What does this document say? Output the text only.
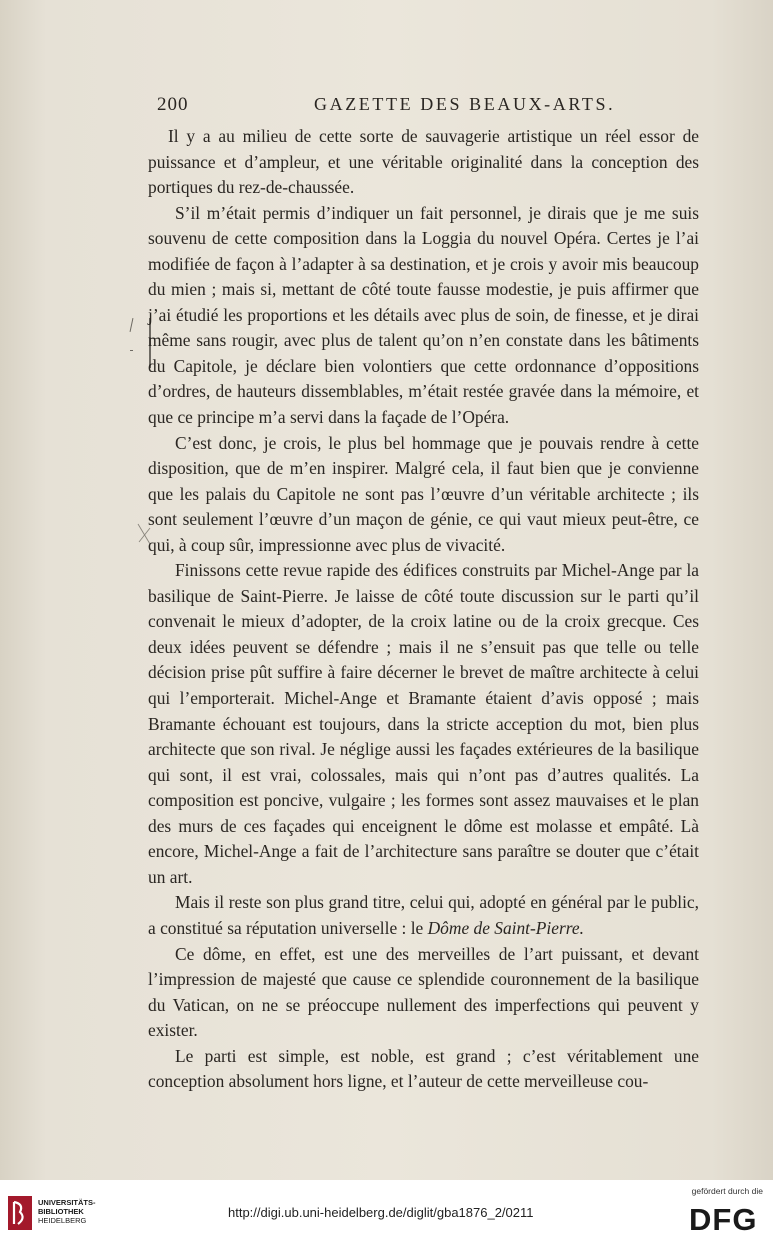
200	GAZETTE DES BEAUX-ARTS.

Il y a au milieu de cette sorte de sauvagerie artistique un réel essor de puissance et d’ampleur, et une véritable originalité dans la conception des portiques du rez-de-chaussée.

S’il m’était permis d’indiquer un fait personnel, je dirais que je me suis souvenu de cette composition dans la Loggia du nouvel Opéra. Certes je l’ai modifiée de façon à l’adapter à sa destination, et je crois y avoir mis beaucoup du mien ; mais si, mettant de côté toute fausse modestie, je puis affirmer que j’ai étudié les proportions et les détails avec plus de soin, de finesse, et je dirai même sans rougir, avec plus de talent qu’on n’en constate dans les bâtiments du Capitole, je déclare bien volontiers que cette ordonnance d’oppositions d’ordres, de hauteurs dissemblables, m’était restée gravée dans la mémoire, et que ce principe m’a servi dans la façade de l’Opéra.

C’est donc, je crois, le plus bel hommage que je pouvais rendre à cette disposition, que de m’en inspirer. Malgré cela, il faut bien que je convienne que les palais du Capitole ne sont pas l’œuvre d’un véritable architecte ; ils sont seulement l’œuvre d’un maçon de génie, ce qui vaut mieux peut-être, ce qui, à coup sûr, impressionne avec plus de vivacité.

Finissons cette revue rapide des édifices construits par Michel-Ange par la basilique de Saint-Pierre. Je laisse de côté toute discussion sur le parti qu’il convenait le mieux d’adopter, de la croix latine ou de la croix grecque. Ces deux idées peuvent se défendre ; mais il ne s’ensuit pas que telle ou telle décision prise pût suffire à faire décerner le brevet de maître architecte à celui qui l’emporterait. Michel-Ange et Bramante étaient d’avis opposé ; mais Bramante échouant est toujours, dans la stricte acception du mot, bien plus architecte que son rival. Je néglige aussi les façades extérieures de la basilique qui sont, il est vrai, colossales, mais qui n’ont pas d’autres qualités. La composition est poncive, vulgaire ; les formes sont assez mauvaises et le plan des murs de ces façades qui enceignent le dôme est molasse et empâté. Là encore, Michel-Ange a fait de l’architecture sans paraître se douter que c’était un art.

Mais il reste son plus grand titre, celui qui, adopté en général par le public, a constitué sa réputation universelle : le Dôme de Saint-Pierre.

Ce dôme, en effet, est une des merveilles de l’art puissant, et devant l’impression de majesté que cause ce splendide couronnement de la basilique du Vatican, on ne se préoccupe nullement des imperfections qui peuvent y exister.

Le parti est simple, est noble, est grand ; c’est véritablement une conception absolument hors ligne, et l’auteur de cette merveilleuse cou-

UNIVERSITÄTS-
BIBLIOTHEK
HEIDELBERG
http://digi.ub.uni-heidelberg.de/diglit/gba1876_2/0211
gefördert durch die
DFG
